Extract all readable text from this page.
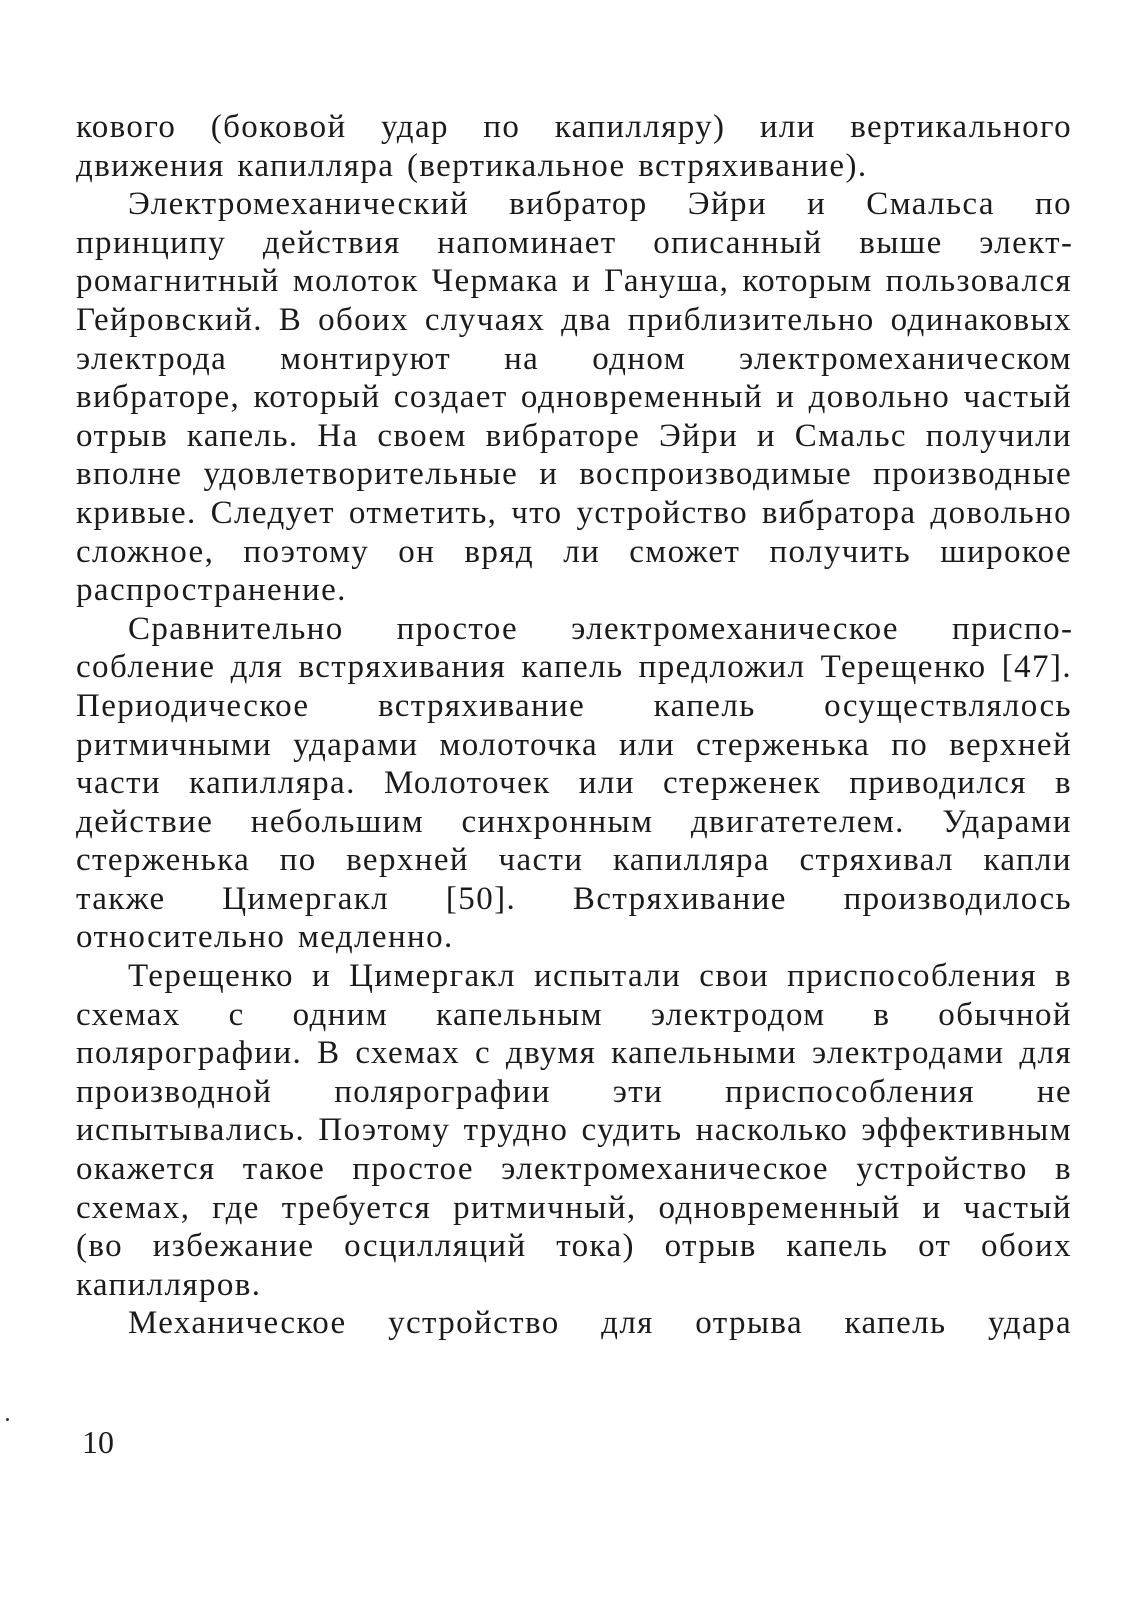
кового (боковой удар по капилляру) или вертикального движения капилляра (вертикальное встряхивание).

Электромеханический вибратор Эйри и Смальса по принципу действия напоминает описанный выше электромагнитный молоток Чермака и Ганушa, которым пользовался Гейровский. В обоих случаях два приблизительно одинаковых электрода монтируют на одном электромеханическом вибраторе, который создает одновременный и довольно частый отрыв капель. На своем вибраторе Эйри и Смальс получили вполне удовлетворительные и воспроизводимые производные кривые. Следует отметить, что устройство вибратора довольно сложное, поэтому он вряд ли сможет получить широкое распространение.

Сравнительно простое электромеханическое приспособление для встряхивания капель предложил Терещенко [47]. Периодическое встряхивание капель осуществлялось ритмичными ударами молоточка или стерженька по верхней части капилляра. Молоточек или стерженек приводился в действие небольшим синхронным двигатетелем. Ударами стерженька по верхней части капилляра стряхивал капли также Цимергакл [50]. Встряхивание производилось относительно медленно.

Терещенко и Цимергакл испытали свои приспособления в схемах с одним капельным электродом в обычной полярографии. В схемах с двумя капельными электродами для производной полярографии эти приспособления не испытывались. Поэтому трудно судить насколько эффективным окажется такое простое электромеханическое устройство в схемах, где требуется ритмичный, одновременный и частый (во избежание осцилляций тока) отрыв капель от обоих капилляров.

Механическое устройство для отрыва капель удара

10
